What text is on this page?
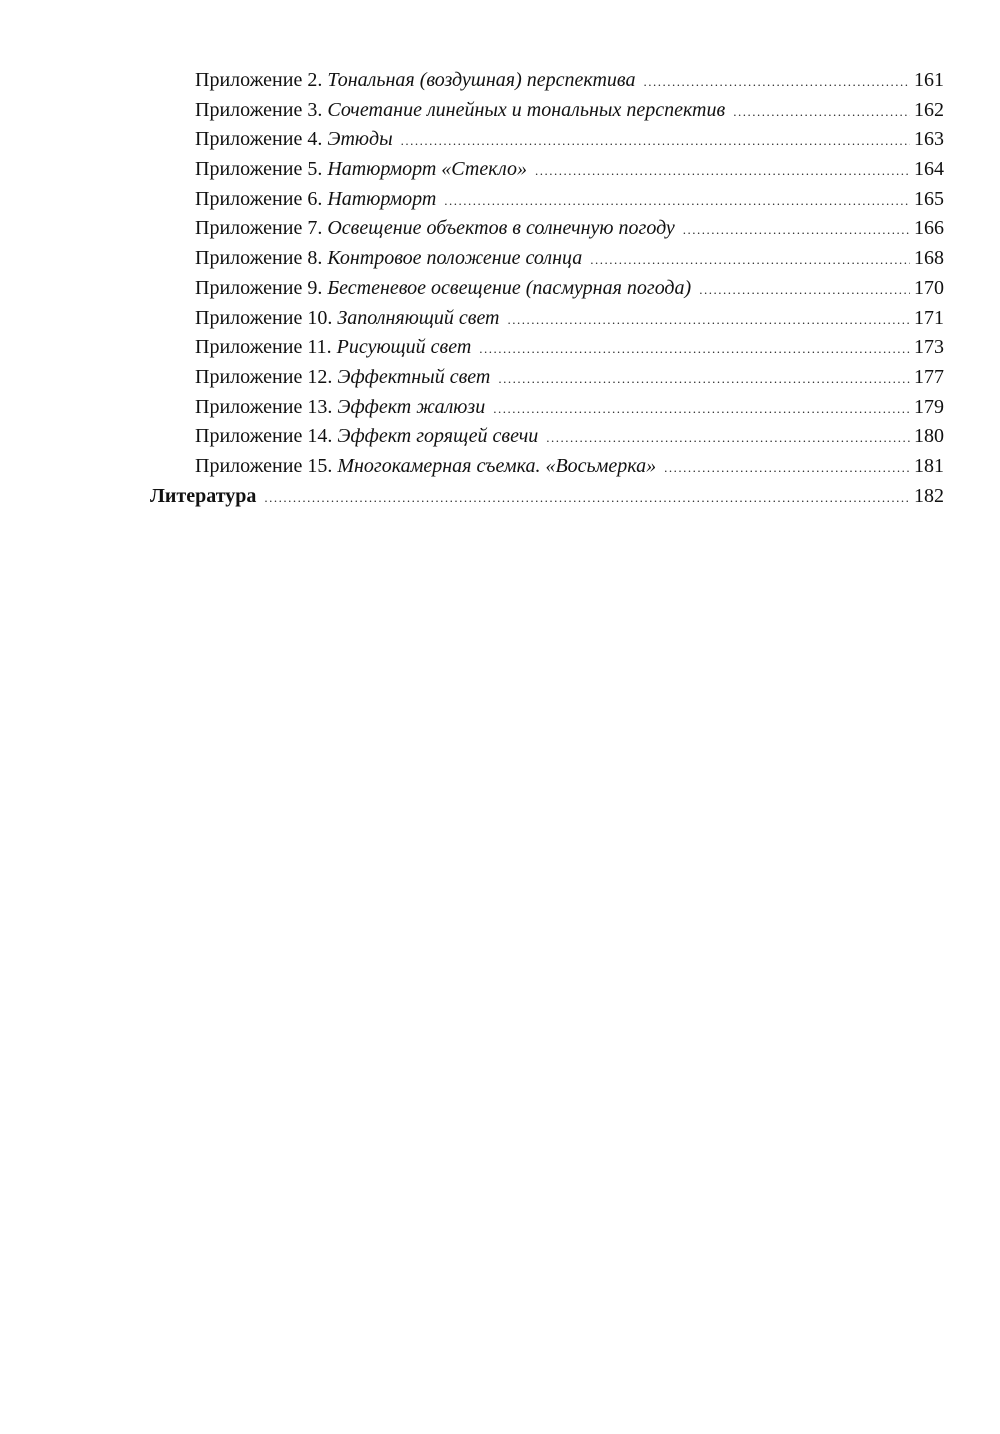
Приложение 2. Тональная (воздушная) перспектива .....	161
Приложение 3. Сочетание линейных и тональных перспектив .....	162
Приложение 4. Этюды .....	163
Приложение 5. Натюрморт «Стекло» .....	164
Приложение 6. Натюрморт .....	165
Приложение 7. Освещение объектов в солнечную погоду .....	166
Приложение 8. Контровое положение солнца .....	168
Приложение 9. Бестеневое освещение (пасмурная погода) .....	170
Приложение 10. Заполняющий свет .....	171
Приложение 11. Рисующий свет .....	173
Приложение 12. Эффектный свет .....	177
Приложение 13. Эффект жалюзи .....	179
Приложение 14. Эффект горящей свечи .....	180
Приложение 15. Многокамерная съемка. «Восьмерка» .....	181
Литература .....	182
